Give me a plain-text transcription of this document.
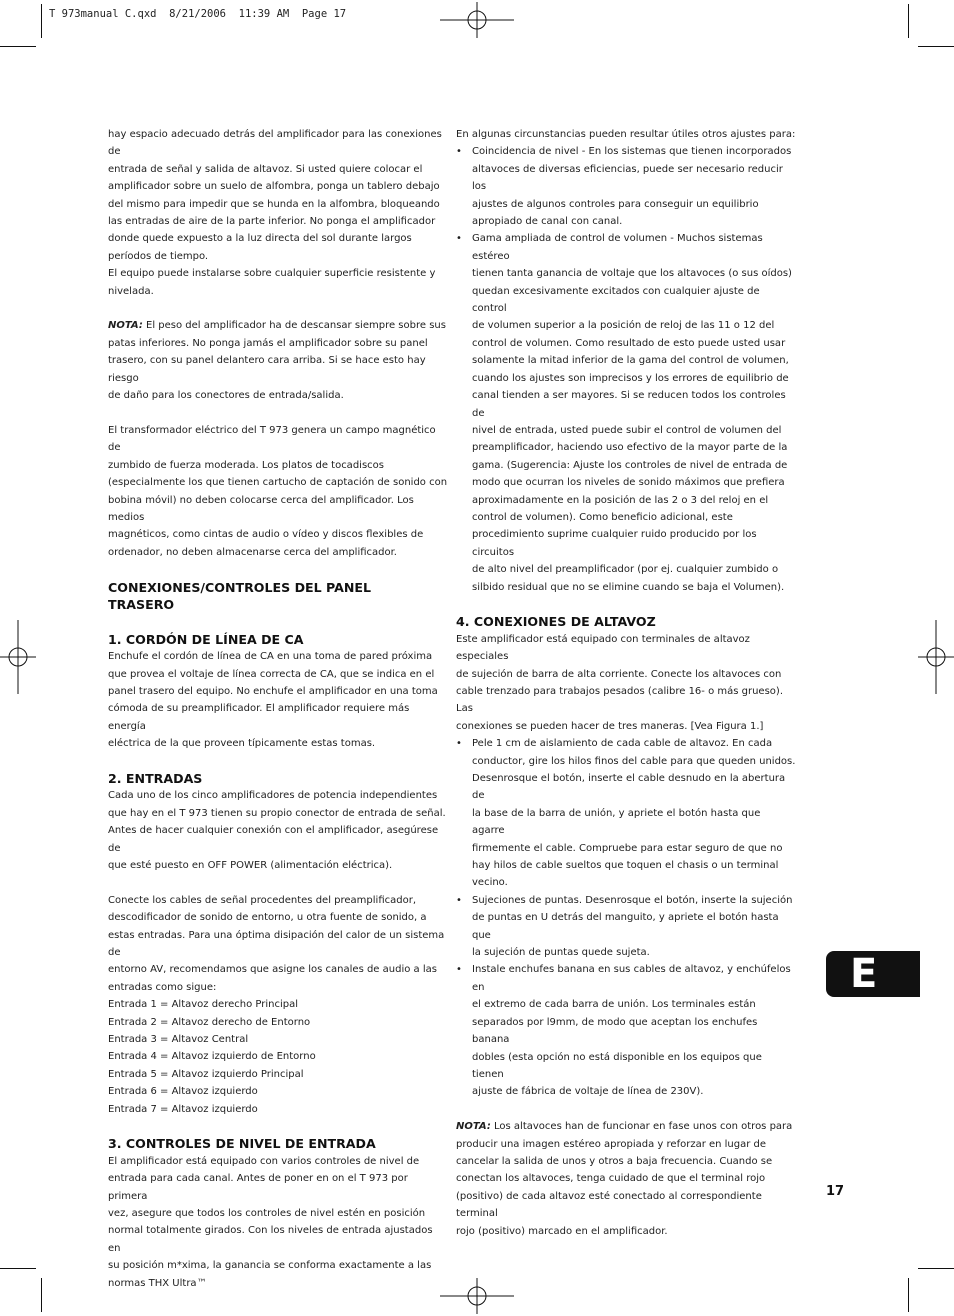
T 973manual C.qxd  8/21/2006  11:39 AM  Page 17

hay espacio adecuado detrás del amplificador para las conexiones de

entrada de señal y salida de altavoz. Si usted quiere colocar el

amplificador sobre un suelo de alfombra, ponga un tablero debajo

del mismo para impedir que se hunda en la alfombra, bloqueando

las entradas de aire de la parte inferior. No ponga el amplificador

donde quede expuesto a la luz directa del sol durante largos

períodos de tiempo.

El equipo puede instalarse sobre cualquier superficie resistente y

nivelada.

NOTA: El peso del amplificador ha de descansar siempre sobre sus

patas inferiores. No ponga jamás el amplificador sobre su panel

trasero, con su panel delantero cara arriba. Si se hace esto hay riesgo

de daño para los conectores de entrada/salida.

El transformador eléctrico del T 973 genera un campo magnético de

zumbido de fuerza moderada. Los platos de tocadiscos

(especialmente los que tienen cartucho de captación de sonido con

bobina móvil) no deben colocarse cerca del amplificador. Los medios

magnéticos, como cintas de audio o vídeo y discos flexibles de

ordenador, no deben almacenarse cerca del amplificador.

CONEXIONES/CONTROLES DEL PANEL

TRASERO

1. CORDÓN DE LÍNEA DE CA

Enchufe el cordón de línea de CA en una toma de pared próxima

que provea el voltaje de línea correcta de CA, que se indica en el

panel trasero del equipo. No enchufe el amplificador en una toma

cómoda de su preamplificador. El amplificador requiere más energía

eléctrica de la que proveen típicamente estas tomas.

2. ENTRADAS

Cada uno de los cinco amplificadores de potencia independientes

que hay en el T 973 tienen su propio conector de entrada de señal.

Antes de hacer cualquier conexión con el amplificador, asegúrese de

que esté puesto en OFF POWER (alimentación eléctrica).

Conecte los cables de señal procedentes del preamplificador,

descodificador de sonido de entorno, u otra fuente de sonido, a

estas entradas. Para una óptima disipación del calor de un sistema de

entorno AV, recomendamos que asigne los canales de audio a las

entradas como sigue:

Entrada 1 = Altavoz derecho Principal

Entrada 2 = Altavoz derecho de Entorno

Entrada 3 = Altavoz Central

Entrada 4 = Altavoz izquierdo de Entorno

Entrada 5 = Altavoz izquierdo Principal

Entrada 6 = Altavoz izquierdo

Entrada 7 = Altavoz izquierdo

3. CONTROLES DE NIVEL DE ENTRADA

El amplificador está equipado con varios controles de nivel de

entrada para cada canal. Antes de poner en on el T 973 por primera

vez, asegure que todos los controles de nivel estén en posición

normal totalmente girados. Con los niveles de entrada ajustados en

su posición m*xima, la ganancia se conforma exactamente a las

normas THX Ultra™

En algunas circunstancias pueden resultar útiles otros ajustes para:

• Coincidencia de nivel - En los sistemas que tienen incorporados

altavoces de diversas eficiencias, puede ser necesario reducir los

ajustes de algunos controles para conseguir un equilibrio

apropiado de canal con canal.

• Gama ampliada de control de volumen - Muchos sistemas estéreo

tienen tanta ganancia de voltaje que los altavoces (o sus oídos)

quedan excesivamente excitados con cualquier ajuste de control

de volumen superior a la posición de reloj de las 11 o 12 del

control de volumen. Como resultado de esto puede usted usar

solamente la mitad inferior de la gama del control de volumen,

cuando los ajustes son imprecisos y los errores de equilibrio de

canal tienden a ser mayores. Si se reducen todos los controles de

nivel de entrada, usted puede subir el control de volumen del

preamplificador, haciendo uso efectivo de la mayor parte de la

gama. (Sugerencia: Ajuste los controles de nivel de entrada de

modo que ocurran los niveles de sonido máximos que prefiera

aproximadamente en la posición de las 2 o 3 del reloj en el

control de volumen). Como beneficio adicional, este

procedimiento suprime cualquier ruido producido por los circuitos

de alto nivel del preamplificador (por ej. cualquier zumbido o

silbido residual que no se elimine cuando se baja el Volumen).

4. CONEXIONES DE ALTAVOZ

Este amplificador está equipado con terminales de altavoz especiales

de sujeción de barra de alta corriente. Conecte los altavoces con

cable trenzado para trabajos pesados (calibre 16- o más grueso). Las

conexiones se pueden hacer de tres maneras. [Vea Figura 1.]

• Pele 1 cm de aislamiento de cada cable de altavoz. En cada

conductor, gire los hilos finos del cable para que queden unidos.

Desenrosque el botón, inserte el cable desnudo en la abertura de

la base de la barra de unión, y apriete el botón hasta que agarre

firmemente el cable. Compruebe para estar seguro de que no

hay hilos de cable sueltos que toquen el chasis o un terminal

vecino.

• Sujeciones de puntas. Desenrosque el botón, inserte la sujeción

de puntas en U detrás del manguito, y apriete el botón hasta que

la sujeción de puntas quede sujeta.

• Instale enchufes banana en sus cables de altavoz, y enchúfelos en

el extremo de cada barra de unión. Los terminales están

separados por l9mm, de modo que aceptan los enchufes banana

dobles (esta opción no está disponible en los equipos que tienen

ajuste de fábrica de voltaje de línea de 230V).

NOTA: Los altavoces han de funcionar en fase unos con otros para

producir una imagen estéreo apropiada y reforzar en lugar de

cancelar la salida de unos y otros a baja frecuencia. Cuando se

conectan los altavoces, tenga cuidado de que el terminal rojo

(positivo) de cada altavoz esté conectado al correspondiente terminal

rojo (positivo) marcado en el amplificador.

E
17
